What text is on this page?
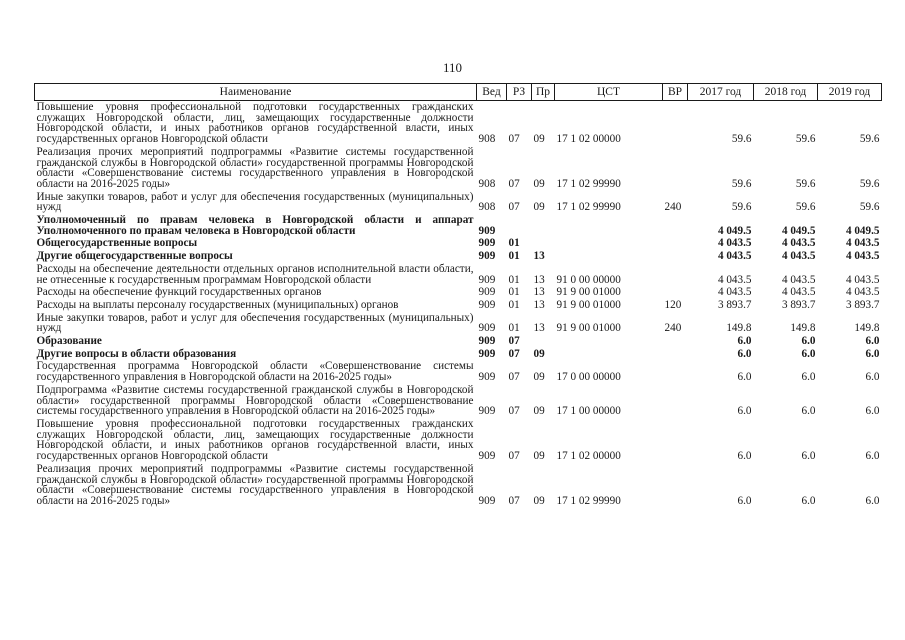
110
Наименование	Вед	РЗ	Пр	ЦСТ	ВР	2017 год	2018 год	2019 год
Повышение уровня профессиональной подготовки государственных гражданских служащих Новгородской области, лиц, замещающих государственные должности Новгородской области, и иных работников органов государственной власти, иных государственных органов Новгородской области	908	07	09	17 1 02 00000		59.6	59.6	59.6
Реализация прочих мероприятий подпрограммы «Развитие системы государственной гражданской службы в Новгородской области» государственной программы Новгородской области «Совершенствование системы государственного управления в Новгородской области на 2016-2025 годы»	908	07	09	17 1 02 99990		59.6	59.6	59.6
Иные закупки товаров, работ и услуг для обеспечения государственных (муниципальных) нужд	908	07	09	17 1 02 99990	240	59.6	59.6	59.6
Уполномоченный по правам человека в Новгородской области и аппарат Уполномоченного по правам человека в Новгородской области	909					4 049.5	4 049.5	4 049.5
Общегосударственные вопросы	909	01				4 043.5	4 043.5	4 043.5
Другие общегосударственные вопросы	909	01	13			4 043.5	4 043.5	4 043.5
Расходы на обеспечение деятельности отдельных органов исполнительной власти области, не отнесенные к государственным программам Новгородской области	909	01	13	91 0 00 00000		4 043.5	4 043.5	4 043.5
Расходы на обеспечение функций государственных органов	909	01	13	91 9 00 01000		4 043.5	4 043.5	4 043.5
Расходы на выплаты персоналу государственных (муниципальных) органов	909	01	13	91 9 00 01000	120	3 893.7	3 893.7	3 893.7
Иные закупки товаров, работ и услуг для обеспечения государственных (муниципальных) нужд	909	01	13	91 9 00 01000	240	149.8	149.8	149.8
Образование	909	07				6.0	6.0	6.0
Другие вопросы в области образования	909	07	09			6.0	6.0	6.0
Государственная программа Новгородской области «Совершенствование системы государственного управления в Новгородской области на 2016-2025 годы»	909	07	09	17 0 00 00000		6.0	6.0	6.0
Подпрограмма «Развитие системы государственной гражданской службы в Новгородской области» государственной программы Новгородской области «Совершенствование системы государственного управления в Новгородской области на 2016-2025 годы»	909	07	09	17 1 00 00000		6.0	6.0	6.0
Повышение уровня профессиональной подготовки государственных гражданских служащих Новгородской области, лиц, замещающих государственные должности Новгородской области, и иных работников органов государственной власти, иных государственных органов Новгородской области	909	07	09	17 1 02 00000		6.0	6.0	6.0
Реализация прочих мероприятий подпрограммы «Развитие системы государственной гражданской службы в Новгородской области» государственной программы Новгородской области «Совершенствование системы государственного управления в Новгородской области на 2016-2025 годы»	909	07	09	17 1 02 99990		6.0	6.0	6.0
